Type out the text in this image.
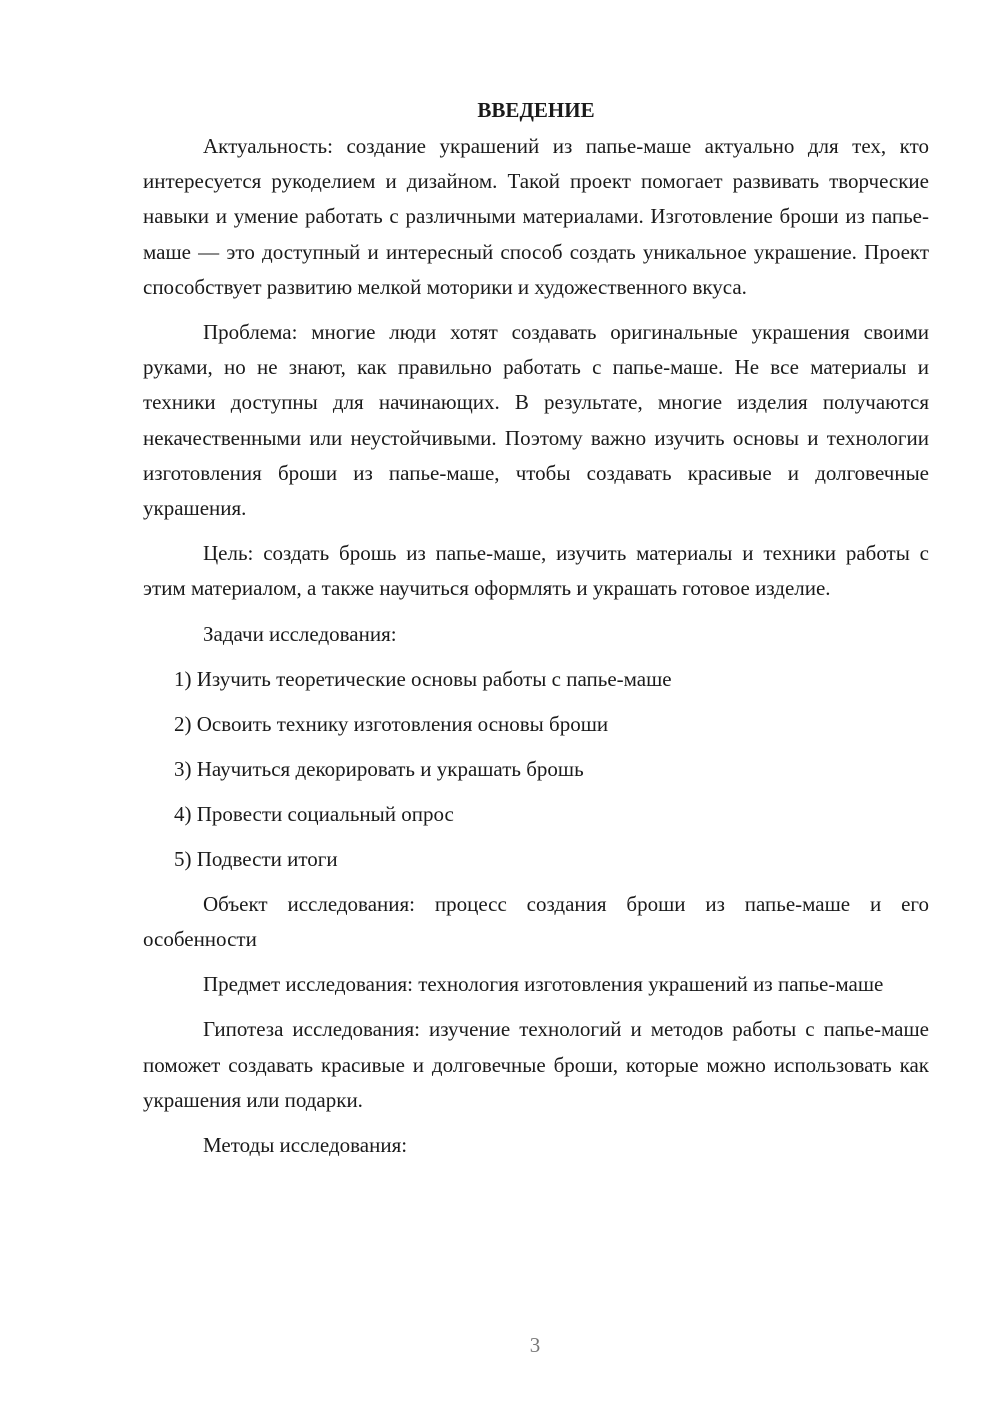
ВВЕДЕНИЕ

Актуальность: создание украшений из папье-маше актуально для тех, кто интересуется рукоделием и дизайном. Такой проект помогает развивать творческие навыки и умение работать с различными материалами. Изготовление броши из папье-маше — это доступный и интересный способ создать уникальное украшение. Проект способствует развитию мелкой моторики и художественного вкуса.

Проблема: многие люди хотят создавать оригинальные украшения своими руками, но не знают, как правильно работать с папье-маше. Не все материалы и техники доступны для начинающих. В результате, многие изделия получаются некачественными или неустойчивыми. Поэтому важно изучить основы и технологии изготовления броши из папье-маше, чтобы создавать красивые и долговечные украшения.

Цель: создать брошь из папье-маше, изучить материалы и техники работы с этим материалом, а также научиться оформлять и украшать готовое изделие.

Задачи исследования:

1) Изучить теоретические основы работы с папье-маше
2) Освоить технику изготовления основы броши
3) Научиться декорировать и украшать брошь
4) Провести социальный опрос
5) Подвести итоги

Объект исследования: процесс создания броши из папье-маше и его особенности

Предмет исследования: технология изготовления украшений из папье-маше

Гипотеза исследования: изучение технологий и методов работы с папье-маше поможет создавать красивые и долговечные броши, которые можно использовать как украшения или подарки.

Методы исследования:

3
